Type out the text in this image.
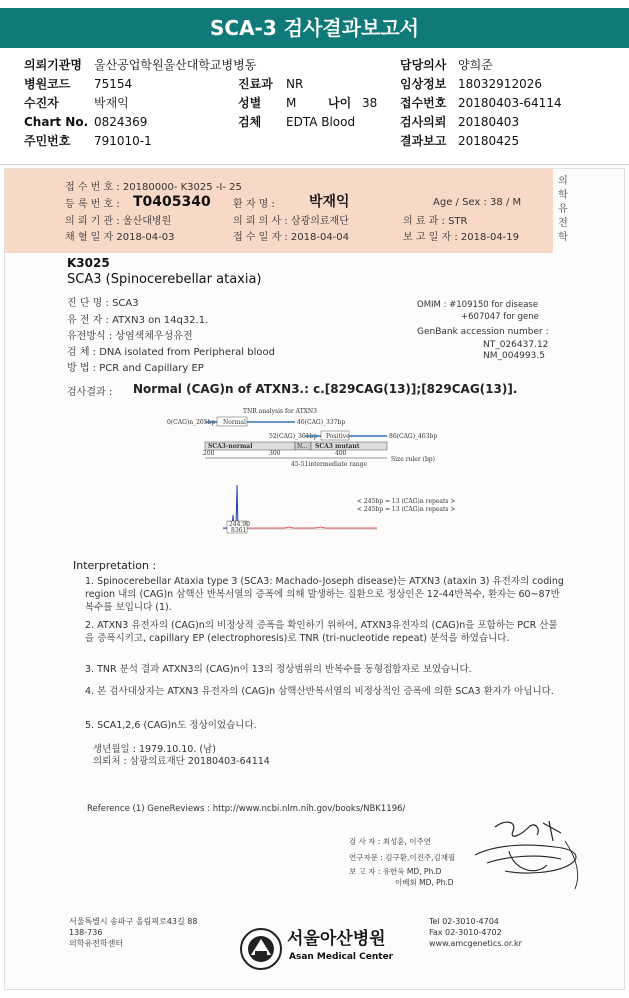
SCA-3 검사결과보고서
의뢰기관명 울산공업학원울산대학교병병동
병원코드 75154
수진자	박재익
Chart No. 0824369
주민번호 791010-1
진료과 NR
성별 M	나이 38
검체 EDTA Blood
담당의사 양희준
임상정보 18032912026
접수번호 20180403-64114
검사의뢰 20180403
결과보고 20180425
접 수 번 호 : 20180000- K3025 -I- 25
등 록 번 호 : T0405340 환 자 명 : 박재익	Age / Sex : 38 / M
의 뢰 기 관 : 울산대병원	의 뢰 의 사 : 삼광의료재단	의 료 과 : STR
채 혈 일 자 2018-04-03	접 수 일 자 : 2018-04-04	보 고 일 자 : 2018-04-19
의학유전학
K3025
SCA3 (Spinocerebellar ataxia)
진 단 명 : SCA3
유 전 자 : ATXN3 on 14q32.1.
유전방식 : 상염색체우성유전
검 체 : DNA isolated from Peripheral blood
방 법 : PCR and Capillary EP
OMIM : #109150 for disease
+607047 for gene
GenBank accession number :
NT_026437.12
NM_004993.5
검사결과 : Normal (CAG)n of ATXN3.: c.[829CAG(13)];[829CAG(13)].
TNR analysis for ATXN3
0(CAG)n_205bp Normal	46(CAG)_337bp
52(CAG)_361bp Positive	86(CAG)_463bp
SCA3-normal	N... SCA3 mutant
200	300	400
Size ruler (bp)
45-51intermediate range
< 245bp = 13 (CAG)n repeats >
< 245bp = 13 (CAG)n repeats >
244.90
8361
Interpretation :
1. Spinocerebellar Ataxia type 3 (SCA3: Machado-Joseph disease)는 ATXN3 (ataxin 3) 유전자의 coding region 내의 (CAG)n 삼핵산 반복서열의 증폭에 의해 발생하는 질환으로 정상인은 12-44반복수, 환자는 60~87반복수를 보입니다 (1).
2. ATXN3 유전자의 (CAG)n의 비정상적 증폭을 확인하기 위하여, ATXN3유전자의 (CAG)n을 포함하는 PCR 산물을 증폭시키고, capillary EP (electrophoresis)로 TNR (tri-nucleotide repeat) 분석을 하였습니다.
3. TNR 분석 결과 ATXN3의 (CAG)n이 13의 정상범위의 반복수를 동형접합자로 보였습니다.
4. 본 검사대상자는 ATXN3 유전자의 (CAG)n 삼핵산반복서열의 비정상적인 증폭에 의한 SCA3 환자가 아닙니다.
5. SCA1,2,6 (CAG)n도 정상이었습니다.
생년월일 : 1979.10.10. (남)
의뢰처 : 삼광의료재단 20180403-64114
Reference (1) GeneReviews : http://www.ncbi.nlm.nih.gov/books/NBK1196/
검 사 자 : 최성훈, 이주연
연구자문 : 김구환,이진주,김재필
보 고 자 : 유한욱 MD, Ph.D
이베회 MD, Ph.D
서울특별시 송파구 올림픽로43길 88
138-736
의학유전학센터	서울아산병원
Asan Medical Center
Tel 02-3010-4704
Fax 02-3010-4702
www.amcgenetics.or.kr
